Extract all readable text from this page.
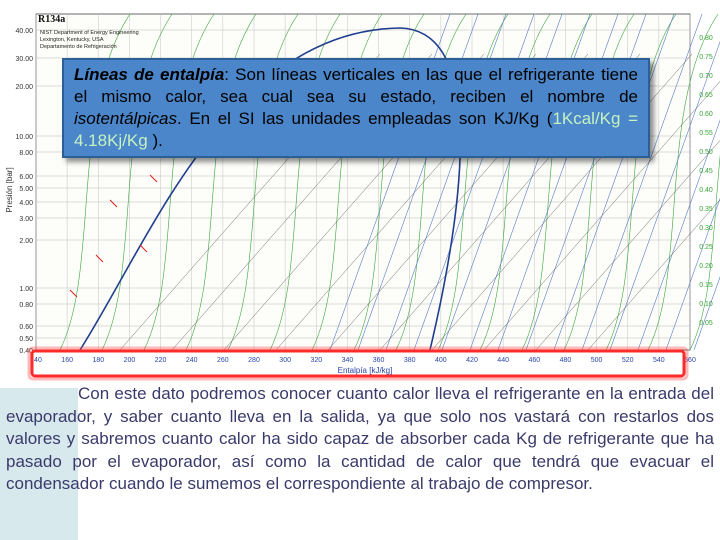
40.00
30.00
20.00
10.00
8.00
6.00
5.00
4.00
3.00
2.00
1.00
0.80
0.60
0.50
0.40
140	160	180	200	220	240	260	280	300	320	340	360	380	400	420	440	460	480	500	520	540	560
0.80
0.75
0.70
0.65
0.60
0.55
0.50
0.45
0.40
0.35
0.30
0.25
0.20
0.15
0.10
0.05
R134a
NIST Department of Energy Engineering
Lexington, Kentucky, USA
Departamento de Refrigeración
Presión [bar]
Entalpía [kJ/kg]
Líneas de entalpía: Son líneas verticales en las que el refrigerante tiene el mismo calor, sea cual sea su estado, reciben el nombre de isotentálpicas. En el SI las unidades empleadas son KJ/Kg (1Kcal/Kg = 4.18Kj/Kg ).
Con este dato podremos conocer cuanto calor lleva el refrigerante en la entrada del evaporador, y saber cuanto lleva en la salida, ya que solo nos vastará con restarlos dos valores y sabremos cuanto calor ha sido capaz de absorber cada Kg de refrigerante que ha pasado por el evaporador, así como la cantidad de calor que tendrá que evacuar el condensador cuando le sumemos el correspondiente al trabajo de compresor.
